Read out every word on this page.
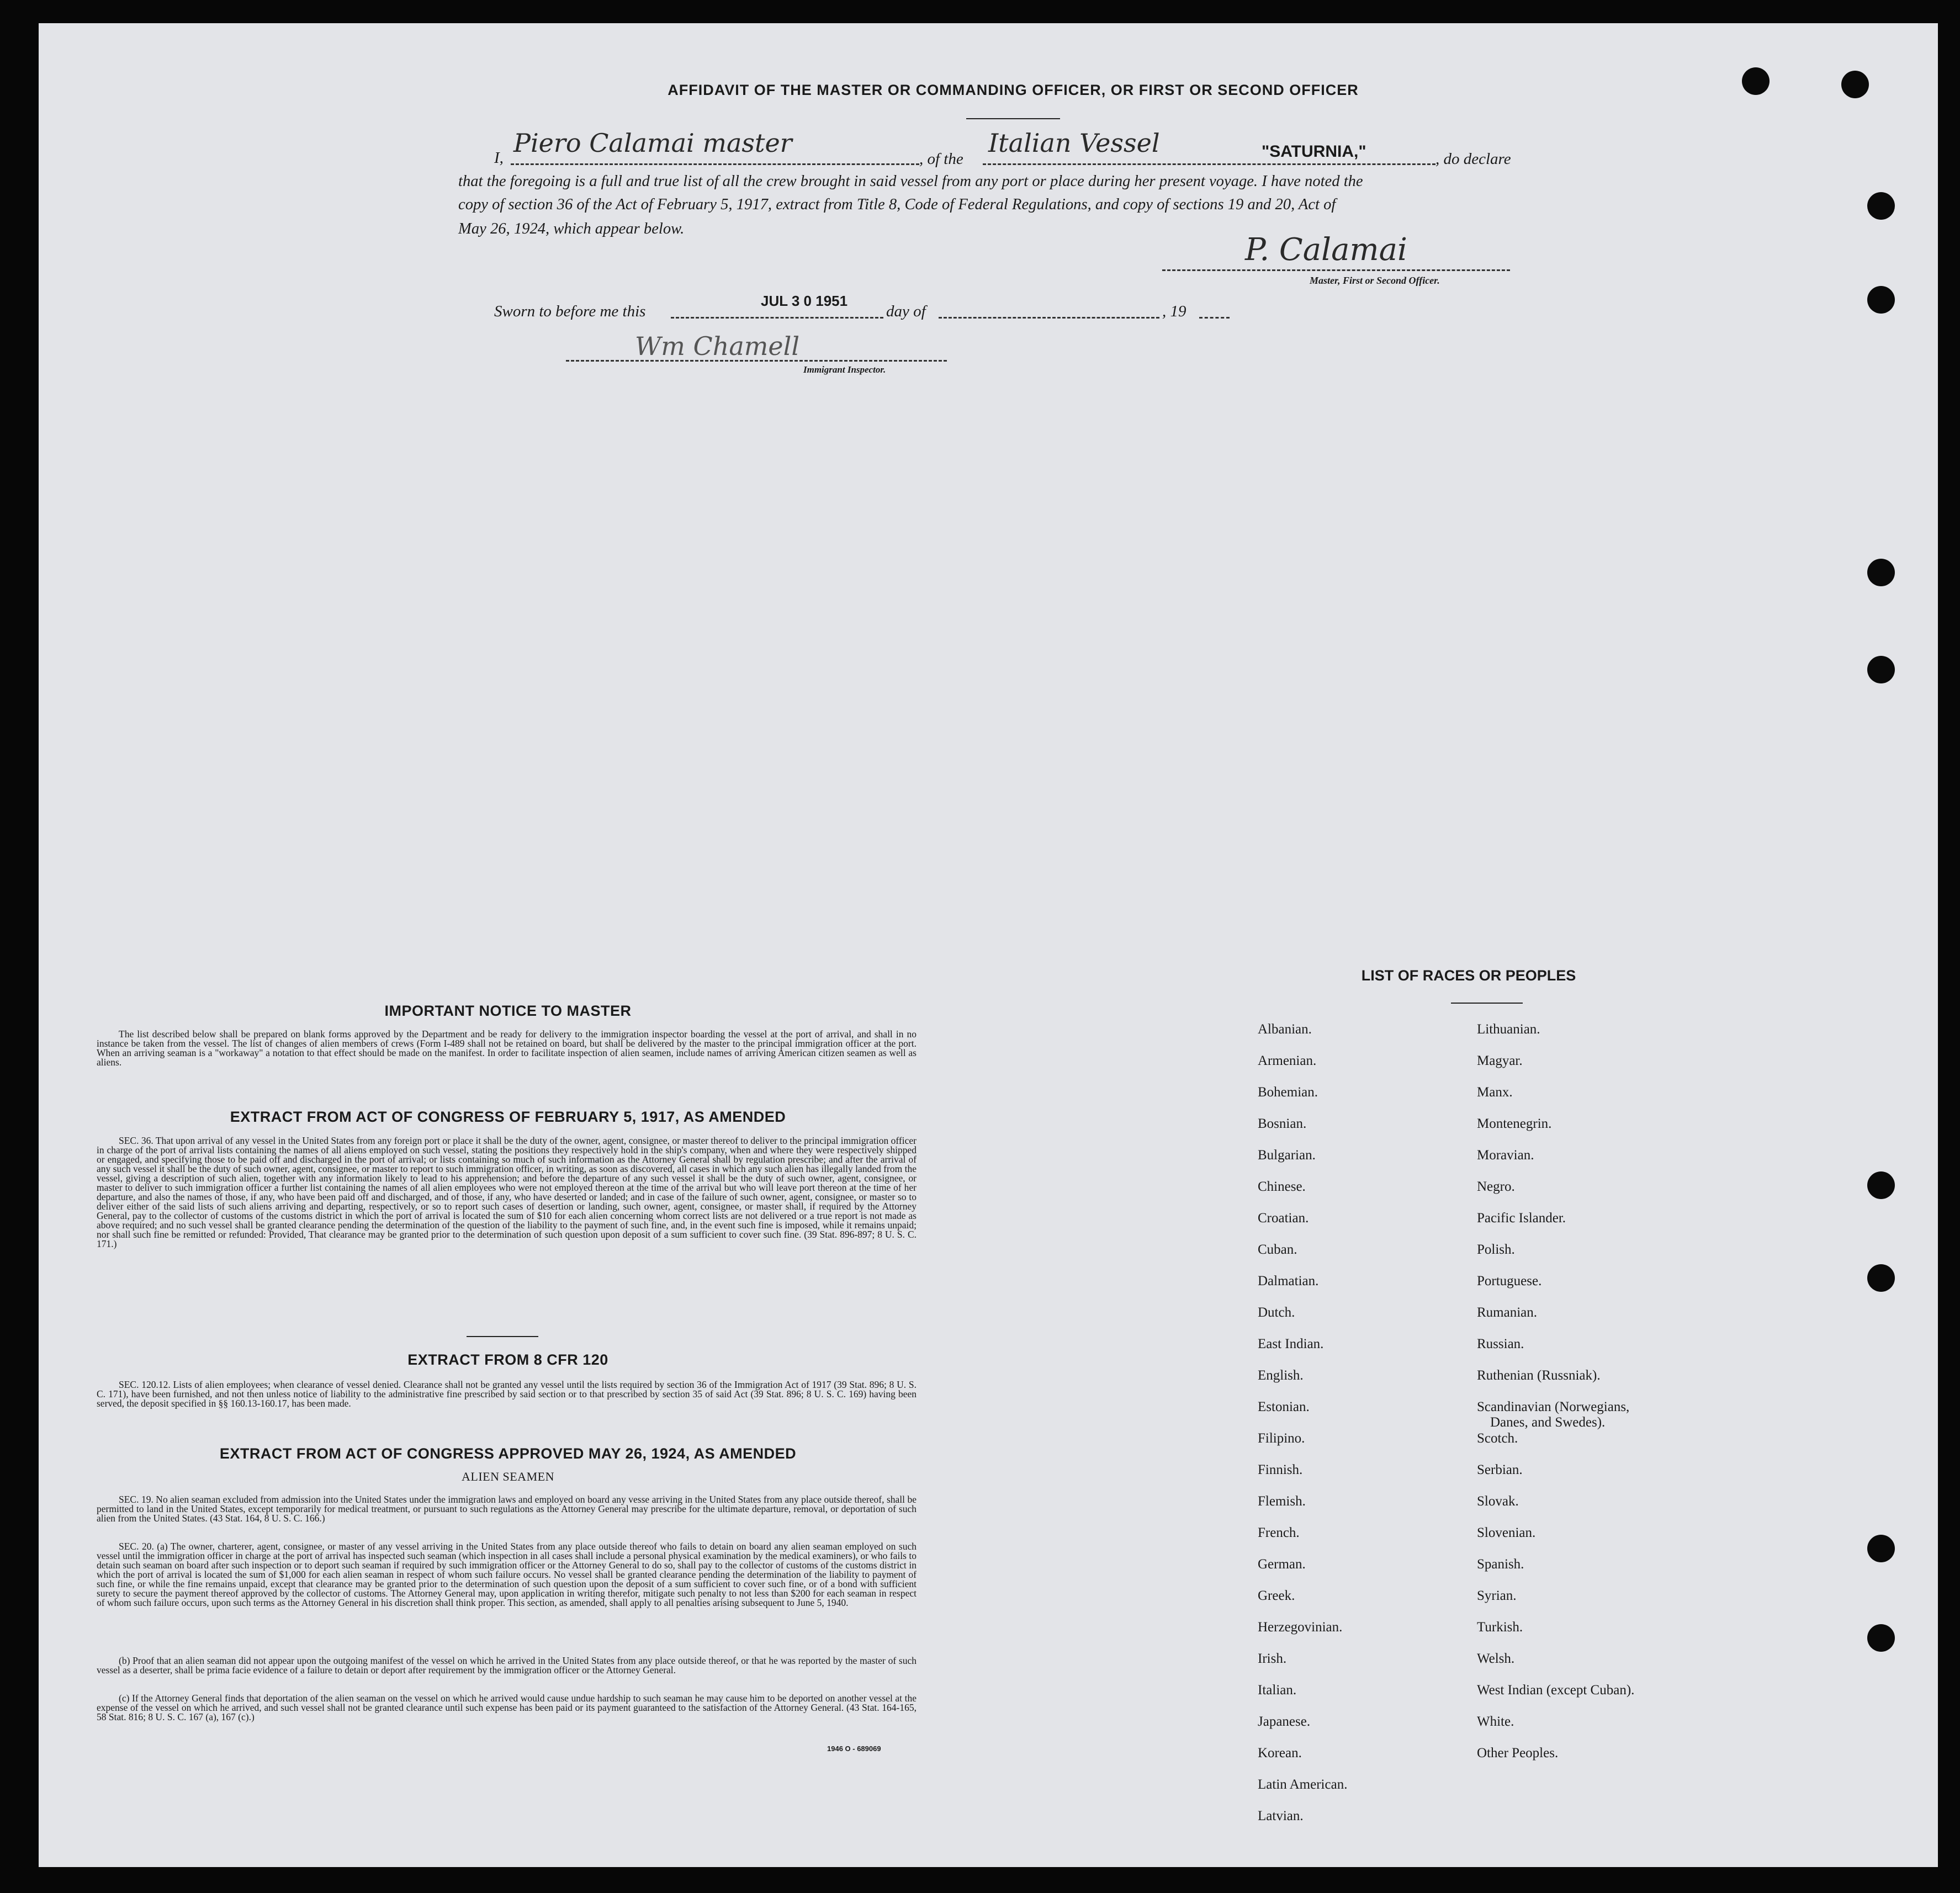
AFFIDAVIT OF THE MASTER OR COMMANDING OFFICER, OR FIRST OR SECOND OFFICER
I, Piero Calamai master
, of the
Italian Vessel	"SATURNIA,"	, do declare
that the foregoing is a full and true list of all the crew brought in said vessel from any port or place during her present voyage. I have noted the
copy of section 36 of the Act of February 5, 1917, extract from Title 8, Code of Federal Regulations, and copy of sections 19 and 20, Act of
May 26, 1924, which appear below.
P. Calamai
Master, First or Second Officer.
Sworn to before me this
JUL 3 0 1951
day of	, 19
Wm Chamell
Immigrant Inspector.
IMPORTANT NOTICE TO MASTER
The list described below shall be prepared on blank forms approved by the Department and be ready for delivery to the immigration inspector boarding the vessel at the port of arrival, and shall in no instance be taken from the vessel. The list of changes of alien members of crews (Form I-489 shall not be retained on board, but shall be delivered by the master to the principal immigration officer at the port. When an arriving seaman is a "workaway" a notation to that effect should be made on the manifest. In order to facilitate inspection of alien seamen, include names of arriving American citizen seamen as well as aliens.
EXTRACT FROM ACT OF CONGRESS OF FEBRUARY 5, 1917, AS AMENDED
SEC. 36. That upon arrival of any vessel in the United States from any foreign port or place it shall be the duty of the owner, agent, consignee, or master thereof to deliver to the principal immigration officer in charge of the port of arrival lists containing the names of all aliens employed on such vessel, stating the positions they respectively hold in the ship's company, when and where they were respectively shipped or engaged, and specifying those to be paid off and discharged in the port of arrival; or lists containing so much of such information as the Attorney General shall by regulation prescribe; and after the arrival of any such vessel it shall be the duty of such owner, agent, consignee, or master to report to such immigration officer, in writing, as soon as discovered, all cases in which any such alien has illegally landed from the vessel, giving a description of such alien, together with any information likely to lead to his apprehension; and before the departure of any such vessel it shall be the duty of such owner, agent, consignee, or master to deliver to such immigration officer a further list containing the names of all alien employees who were not employed thereon at the time of the arrival but who will leave port thereon at the time of her departure, and also the names of those, if any, who have been paid off and discharged, and of those, if any, who have deserted or landed; and in case of the failure of such owner, agent, consignee, or master so to deliver either of the said lists of such aliens arriving and departing, respectively, or so to report such cases of desertion or landing, such owner, agent, consignee, or master shall, if required by the Attorney General, pay to the collector of customs of the customs district in which the port of arrival is located the sum of $10 for each alien concerning whom correct lists are not delivered or a true report is not made as above required; and no such vessel shall be granted clearance pending the determination of the question of the liability to the payment of such fine, and, in the event such fine is imposed, while it remains unpaid; nor shall such fine be remitted or refunded: Provided, That clearance may be granted prior to the determination of such question upon deposit of a sum sufficient to cover such fine. (39 Stat. 896-897; 8 U. S. C. 171.)
EXTRACT FROM 8 CFR 120
SEC. 120.12. Lists of alien employees; when clearance of vessel denied. Clearance shall not be granted any vessel until the lists required by section 36 of the Immigration Act of 1917 (39 Stat. 896; 8 U. S. C. 171), have been furnished, and not then unless notice of liability to the administrative fine prescribed by said section or to that prescribed by section 35 of said Act (39 Stat. 896; 8 U. S. C. 169) having been served, the deposit specified in §§ 160.13-160.17, has been made.
EXTRACT FROM ACT OF CONGRESS APPROVED MAY 26, 1924, AS AMENDED
ALIEN SEAMEN
SEC. 19. No alien seaman excluded from admission into the United States under the immigration laws and employed on board any vesse arriving in the United States from any place outside thereof, shall be permitted to land in the United States, except temporarily for medical treatment, or pursuant to such regulations as the Attorney General may prescribe for the ultimate departure, removal, or deportation of such alien from the United States. (43 Stat. 164, 8 U. S. C. 166.)
SEC. 20. (a) The owner, charterer, agent, consignee, or master of any vessel arriving in the United States from any place outside thereof who fails to detain on board any alien seaman employed on such vessel until the immigration officer in charge at the port of arrival has inspected such seaman (which inspection in all cases shall include a personal physical examination by the medical examiners), or who fails to detain such seaman on board after such inspection or to deport such seaman if required by such immigration officer or the Attorney General to do so, shall pay to the collector of customs of the customs district in which the port of arrival is located the sum of $1,000 for each alien seaman in respect of whom such failure occurs. No vessel shall be granted clearance pending the determination of the liability to payment of such fine, or while the fine remains unpaid, except that clearance may be granted prior to the determination of such question upon the deposit of a sum sufficient to cover such fine, or of a bond with sufficient surety to secure the payment thereof approved by the collector of customs. The Attorney General may, upon application in writing therefor, mitigate such penalty to not less than $200 for each seaman in respect of whom such failure occurs, upon such terms as the Attorney General in his discretion shall think proper. This section, as amended, shall apply to all penalties arising subsequent to June 5, 1940.
(b) Proof that an alien seaman did not appear upon the outgoing manifest of the vessel on which he arrived in the United States from any place outside thereof, or that he was reported by the master of such vessel as a deserter, shall be prima facie evidence of a failure to detain or deport after requirement by the immigration officer or the Attorney General.
(c) If the Attorney General finds that deportation of the alien seaman on the vessel on which he arrived would cause undue hardship to such seaman he may cause him to be deported on another vessel at the expense of the vessel on which he arrived, and such vessel shall not be granted clearance until such expense has been paid or its payment guaranteed to the satisfaction of the Attorney General. (43 Stat. 164-165, 58 Stat. 816; 8 U. S. C. 167 (a), 167 (c).)
1946 O - 689069
LIST OF RACES OR PEOPLES
Albanian.
Armenian.
Bohemian.
Bosnian.
Bulgarian.
Chinese.
Croatian.
Cuban.
Dalmatian.
Dutch.
East Indian.
English.
Estonian.
Filipino.
Finnish.
Flemish.
French.
German.
Greek.
Herzegovinian.
Irish.
Italian.
Japanese.
Korean.
Latin American.
Latvian.
Lithuanian.
Magyar.
Manx.
Montenegrin.
Moravian.
Negro.
Pacific Islander.
Polish.
Portuguese.
Rumanian.
Russian.
Ruthenian (Russniak).
Scandinavian (Norwegians,
Danes, and Swedes).
Scotch.
Serbian.
Slovak.
Slovenian.
Spanish.
Syrian.
Turkish.
Welsh.
West Indian (except Cuban).
White.
Other Peoples.
